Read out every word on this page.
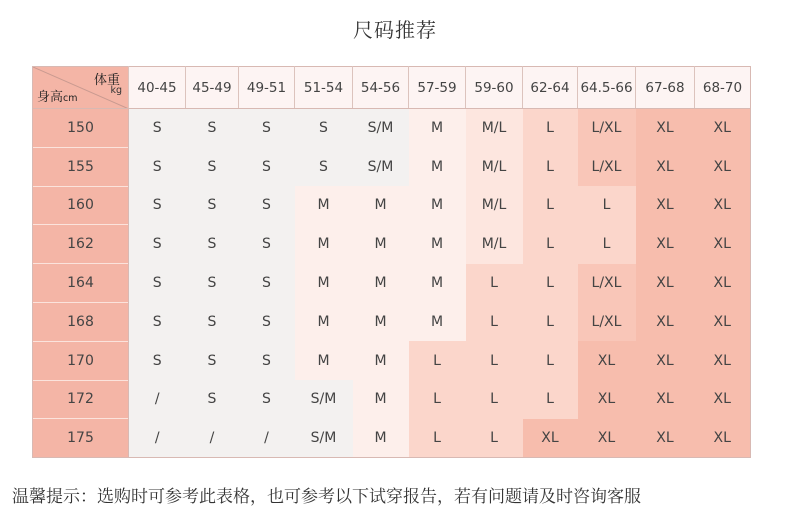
尺码推荐
体重
kg
身高cm	40-45	45-49	49-51	51-54	54-56	57-59	59-60	62-64	64.5-66	67-68	68-70
150	S	S	S	S	S/M	M	M/L	L	L/XL	XL	XL
155	S	S	S	S	S/M	M	M/L	L	L/XL	XL	XL
160	S	S	S	M	M	M	M/L	L	L	XL	XL
162	S	S	S	M	M	M	M/L	L	L	XL	XL
164	S	S	S	M	M	M	L	L	L/XL	XL	XL
168	S	S	S	M	M	M	L	L	L/XL	XL	XL
170	S	S	S	M	M	L	L	L	XL	XL	XL
172	/	S	S	S/M	M	L	L	L	XL	XL	XL
175	/	/	/	S/M	M	L	L	XL	XL	XL	XL
温馨提示：选购时可参考此表格，也可参考以下试穿报告，若有问题请及时咨询客服
